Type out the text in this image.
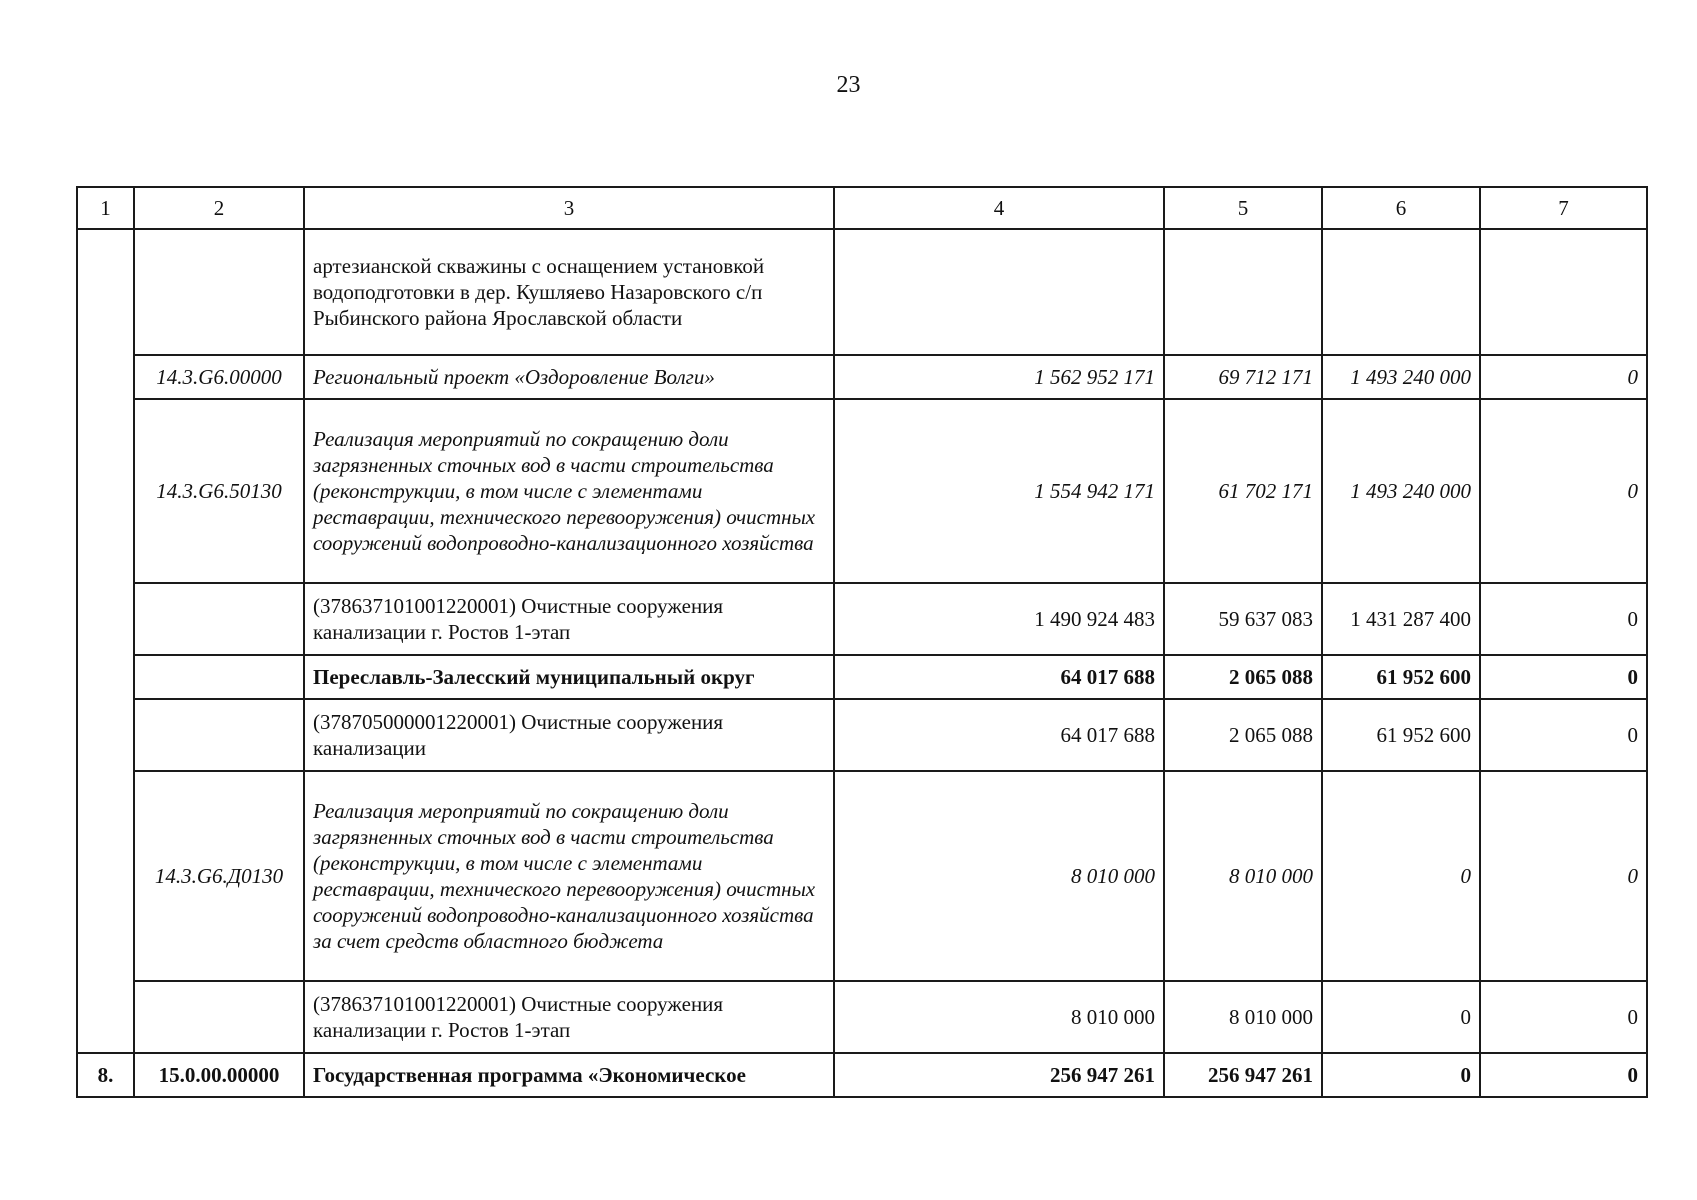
23
1	2	3	4	5	6	7
		артезианской скважины с оснащением установкой водоподготовки в дер. Кушляево Назаровского с/п Рыбинского района Ярославской области				
	14.3.G6.00000	Региональный проект «Оздоровление Волги»	1 562 952 171	69 712 171	1 493 240 000	0
	14.3.G6.50130	Реализация мероприятий по сокращению доли загрязненных сточных вод в части строительства (реконструкции, в том числе с элементами реставрации, технического перевооружения) очистных сооружений водопроводно-канализационного хозяйства	1 554 942 171	61 702 171	1 493 240 000	0
		(378637101001220001) Очистные сооружения канализации г. Ростов 1-этап	1 490 924 483	59 637 083	1 431 287 400	0
		Переславль-Залесский муниципальный округ	64 017 688	2 065 088	61 952 600	0
		(378705000001220001) Очистные сооружения канализации	64 017 688	2 065 088	61 952 600	0
	14.3.G6.Д0130	Реализация мероприятий по сокращению доли загрязненных сточных вод в части строительства (реконструкции, в том числе с элементами реставрации, технического перевооружения) очистных сооружений водопроводно-канализационного хозяйства за счет средств областного бюджета	8 010 000	8 010 000	0	0
		(378637101001220001) Очистные сооружения канализации г. Ростов 1-этап	8 010 000	8 010 000	0	0
8.	15.0.00.00000	Государственная программа «Экономическое	256 947 261	256 947 261	0	0
